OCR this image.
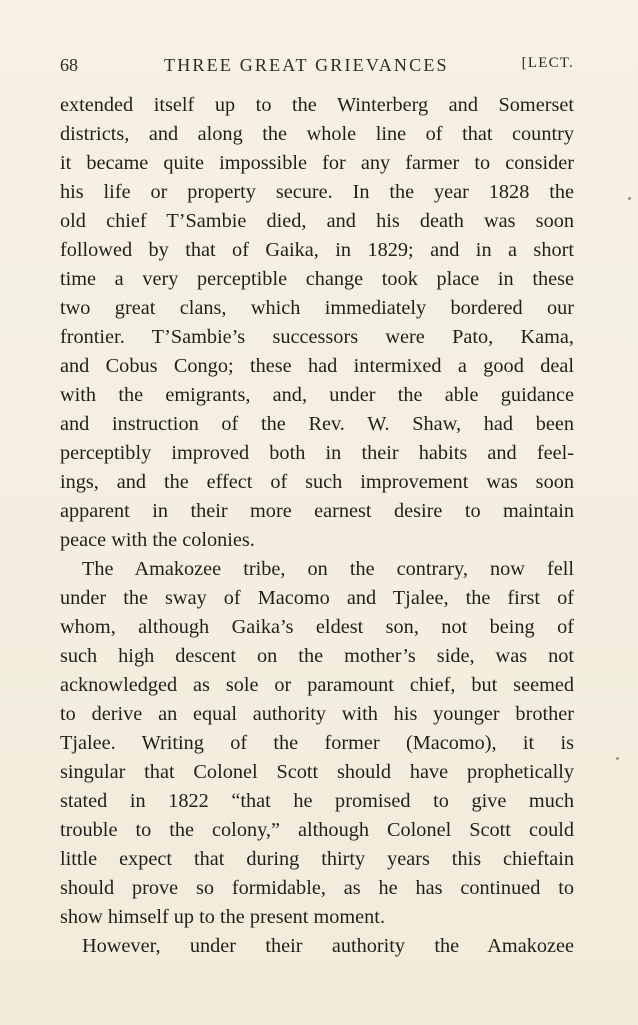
68	THREE GREAT GRIEVANCES	[LECT.
extended itself up to the Winterberg and Somerset
districts, and along the whole line of that country
it became quite impossible for any farmer to consider
his life or property secure. In the year 1828 the
old chief T’Sambie died, and his death was soon
followed by that of Gaika, in 1829; and in a short
time a very perceptible change took place in these
two great clans, which immediately bordered our
frontier. T’Sambie’s successors were Pato, Kama,
and Cobus Congo; these had intermixed a good deal
with the emigrants, and, under the able guidance
and instruction of the Rev. W. Shaw, had been
perceptibly improved both in their habits and feel-
ings, and the effect of such improvement was soon
apparent in their more earnest desire to maintain
peace with the colonies.
The Amakozee tribe, on the contrary, now fell
under the sway of Macomo and Tjalee, the first of
whom, although Gaika’s eldest son, not being of
such high descent on the mother’s side, was not
acknowledged as sole or paramount chief, but seemed
to derive an equal authority with his younger brother
Tjalee. Writing of the former (Macomo), it is
singular that Colonel Scott should have prophetically
stated in 1822 “that he promised to give much
trouble to the colony,” although Colonel Scott could
little expect that during thirty years this chieftain
should prove so formidable, as he has continued to
show himself up to the present moment.
However, under their authority the Amakozee
